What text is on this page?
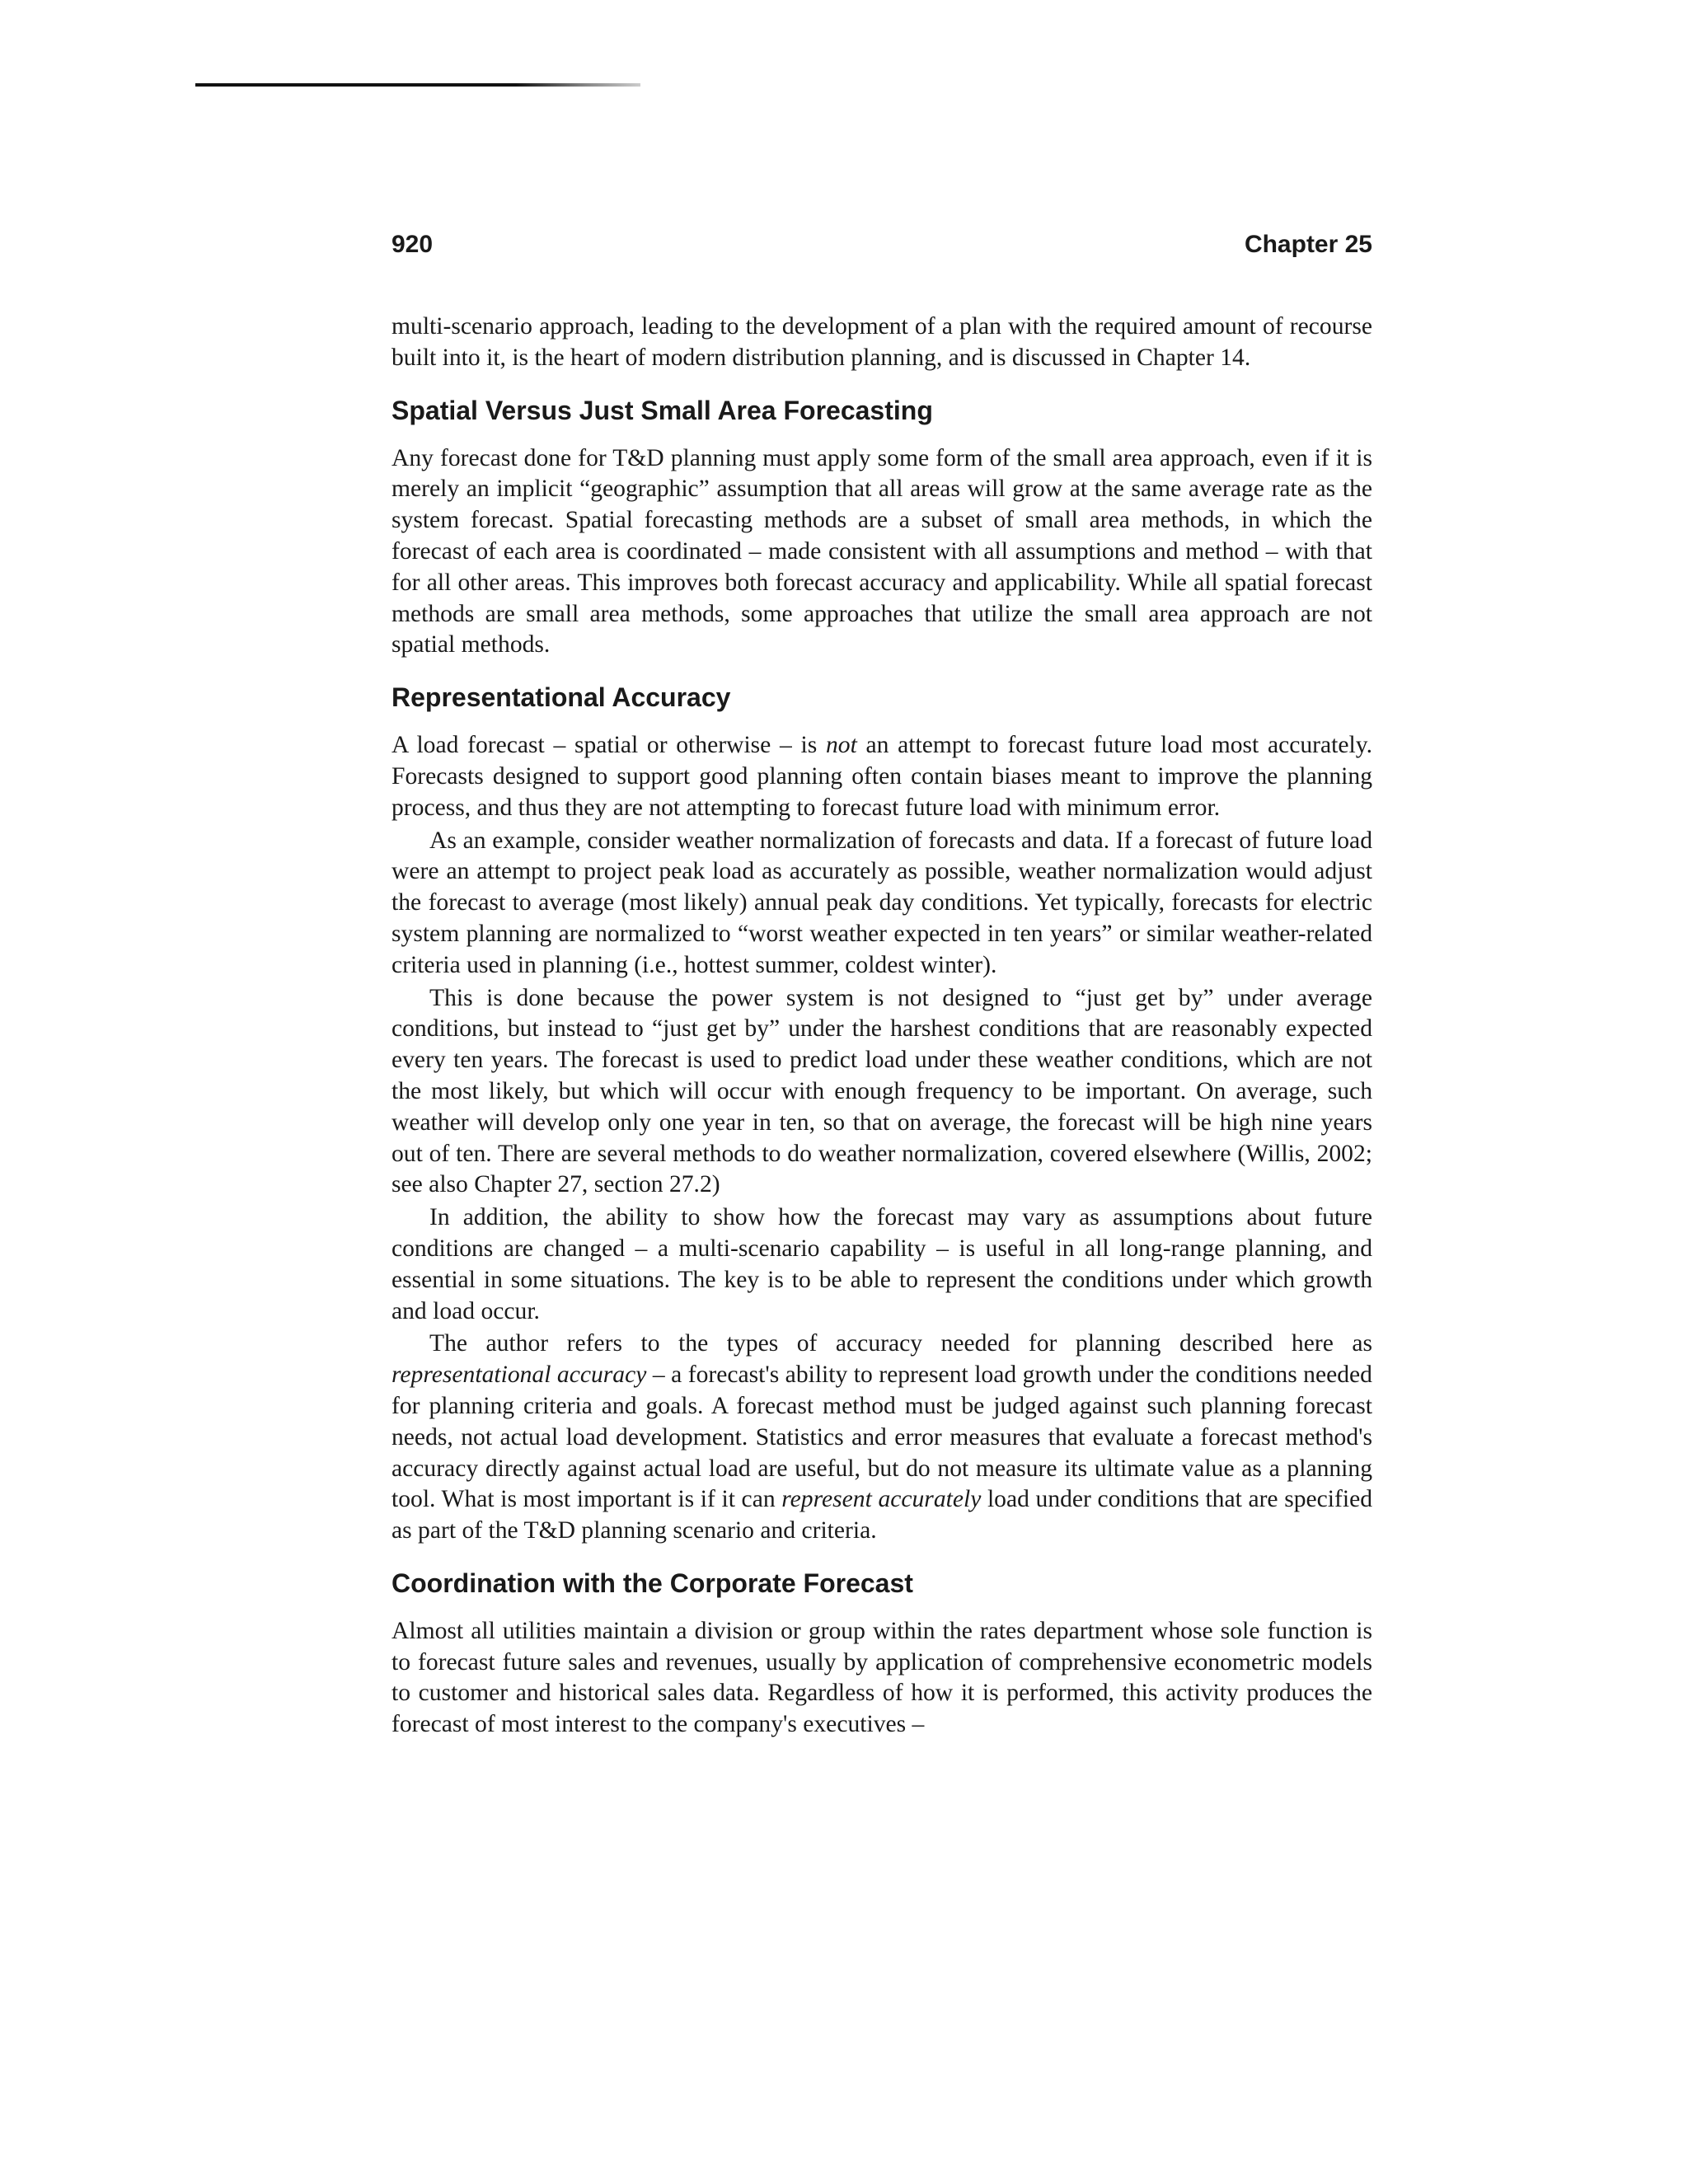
920	Chapter 25

multi-scenario approach, leading to the development of a plan with the required amount of recourse built into it, is the heart of modern distribution planning, and is discussed in Chapter 14.

Spatial Versus Just Small Area Forecasting

Any forecast done for T&D planning must apply some form of the small area approach, even if it is merely an implicit “geographic” assumption that all areas will grow at the same average rate as the system forecast. Spatial forecasting methods are a subset of small area methods, in which the forecast of each area is coordinated – made consistent with all assumptions and method – with that for all other areas. This improves both forecast accuracy and applicability. While all spatial forecast methods are small area methods, some approaches that utilize the small area approach are not spatial methods.

Representational Accuracy

A load forecast – spatial or otherwise – is not an attempt to forecast future load most accurately. Forecasts designed to support good planning often contain biases meant to improve the planning process, and thus they are not attempting to forecast future load with minimum error.

As an example, consider weather normalization of forecasts and data. If a forecast of future load were an attempt to project peak load as accurately as possible, weather normalization would adjust the forecast to average (most likely) annual peak day conditions. Yet typically, forecasts for electric system planning are normalized to “worst weather expected in ten years” or similar weather-related criteria used in planning (i.e., hottest summer, coldest winter).

This is done because the power system is not designed to “just get by” under average conditions, but instead to “just get by” under the harshest conditions that are reasonably expected every ten years. The forecast is used to predict load under these weather conditions, which are not the most likely, but which will occur with enough frequency to be important. On average, such weather will develop only one year in ten, so that on average, the forecast will be high nine years out of ten. There are several methods to do weather normalization, covered elsewhere (Willis, 2002; see also Chapter 27, section 27.2)

In addition, the ability to show how the forecast may vary as assumptions about future conditions are changed – a multi-scenario capability – is useful in all long-range planning, and essential in some situations. The key is to be able to represent the conditions under which growth and load occur.

The author refers to the types of accuracy needed for planning described here as representational accuracy – a forecast's ability to represent load growth under the conditions needed for planning criteria and goals. A forecast method must be judged against such planning forecast needs, not actual load development. Statistics and error measures that evaluate a forecast method's accuracy directly against actual load are useful, but do not measure its ultimate value as a planning tool. What is most important is if it can represent accurately load under conditions that are specified as part of the T&D planning scenario and criteria.

Coordination with the Corporate Forecast

Almost all utilities maintain a division or group within the rates department whose sole function is to forecast future sales and revenues, usually by application of comprehensive econometric models to customer and historical sales data. Regardless of how it is performed, this activity produces the forecast of most interest to the company's executives –
